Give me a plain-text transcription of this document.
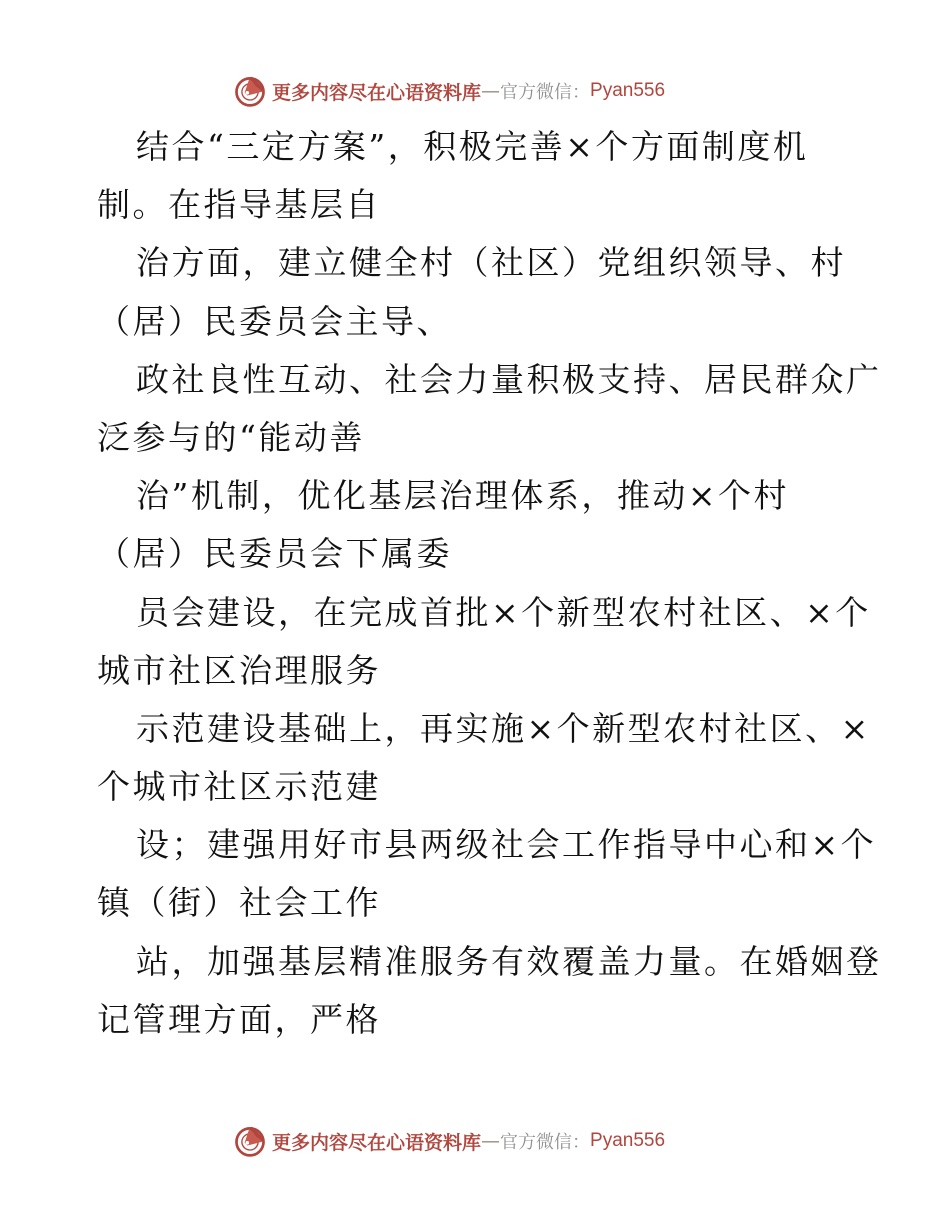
更多内容尽在心语资料库 — 官方微信： Pyan556
结合“三定方案”，积极完善×个方面制度机
制。在指导基层自
治方面，建立健全村（社区）党组织领导、村
（居）民委员会主导、
政社良性互动、社会力量积极支持、居民群众广
泛参与的“能动善
治”机制，优化基层治理体系，推动×个村
（居）民委员会下属委
员会建设，在完成首批×个新型农村社区、×个
城市社区治理服务
示范建设基础上，再实施×个新型农村社区、×
个城市社区示范建
设；建强用好市县两级社会工作指导中心和×个
镇（街）社会工作
站，加强基层精准服务有效覆盖力量。在婚姻登
记管理方面，严格
更多内容尽在心语资料库 — 官方微信： Pyan556
